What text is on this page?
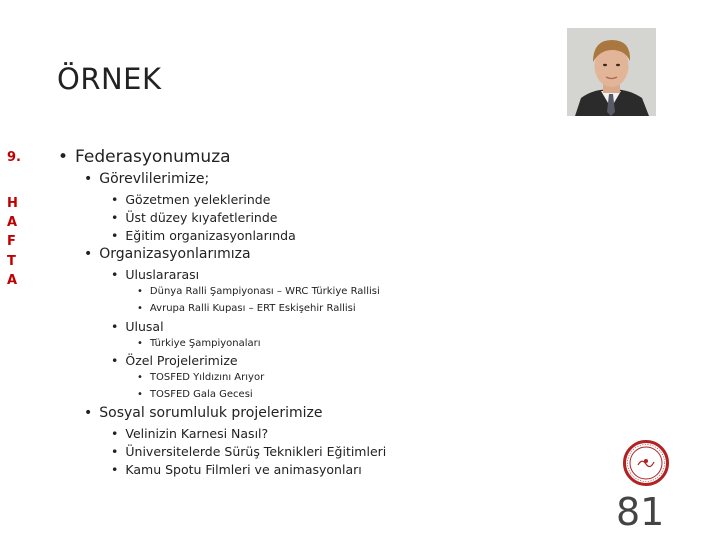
ÖRNEK
9.
H
A
F
T
A
• Federasyonumuza
• Görevlilerimize;
• Gözetmen yeleklerinde
• Üst düzey kıyafetlerinde
• Eğitim organizasyonlarında
• Organizasyonlarımıza
• Uluslararası
• Dünya Ralli Şampiyonası – WRC Türkiye Rallisi
• Avrupa Ralli Kupası – ERT Eskişehir Rallisi
• Ulusal
• Türkiye Şampiyonaları
• Özel Projelerimize
• TOSFED Yıldızını Arıyor
• TOSFED Gala Gecesi
• Sosyal sorumluluk projelerimize
• Velinizin Karnesi Nasıl?
• Üniversitelerde Sürüş Teknikleri Eğitimleri
• Kamu Spotu Filmleri ve animasyonları
81
